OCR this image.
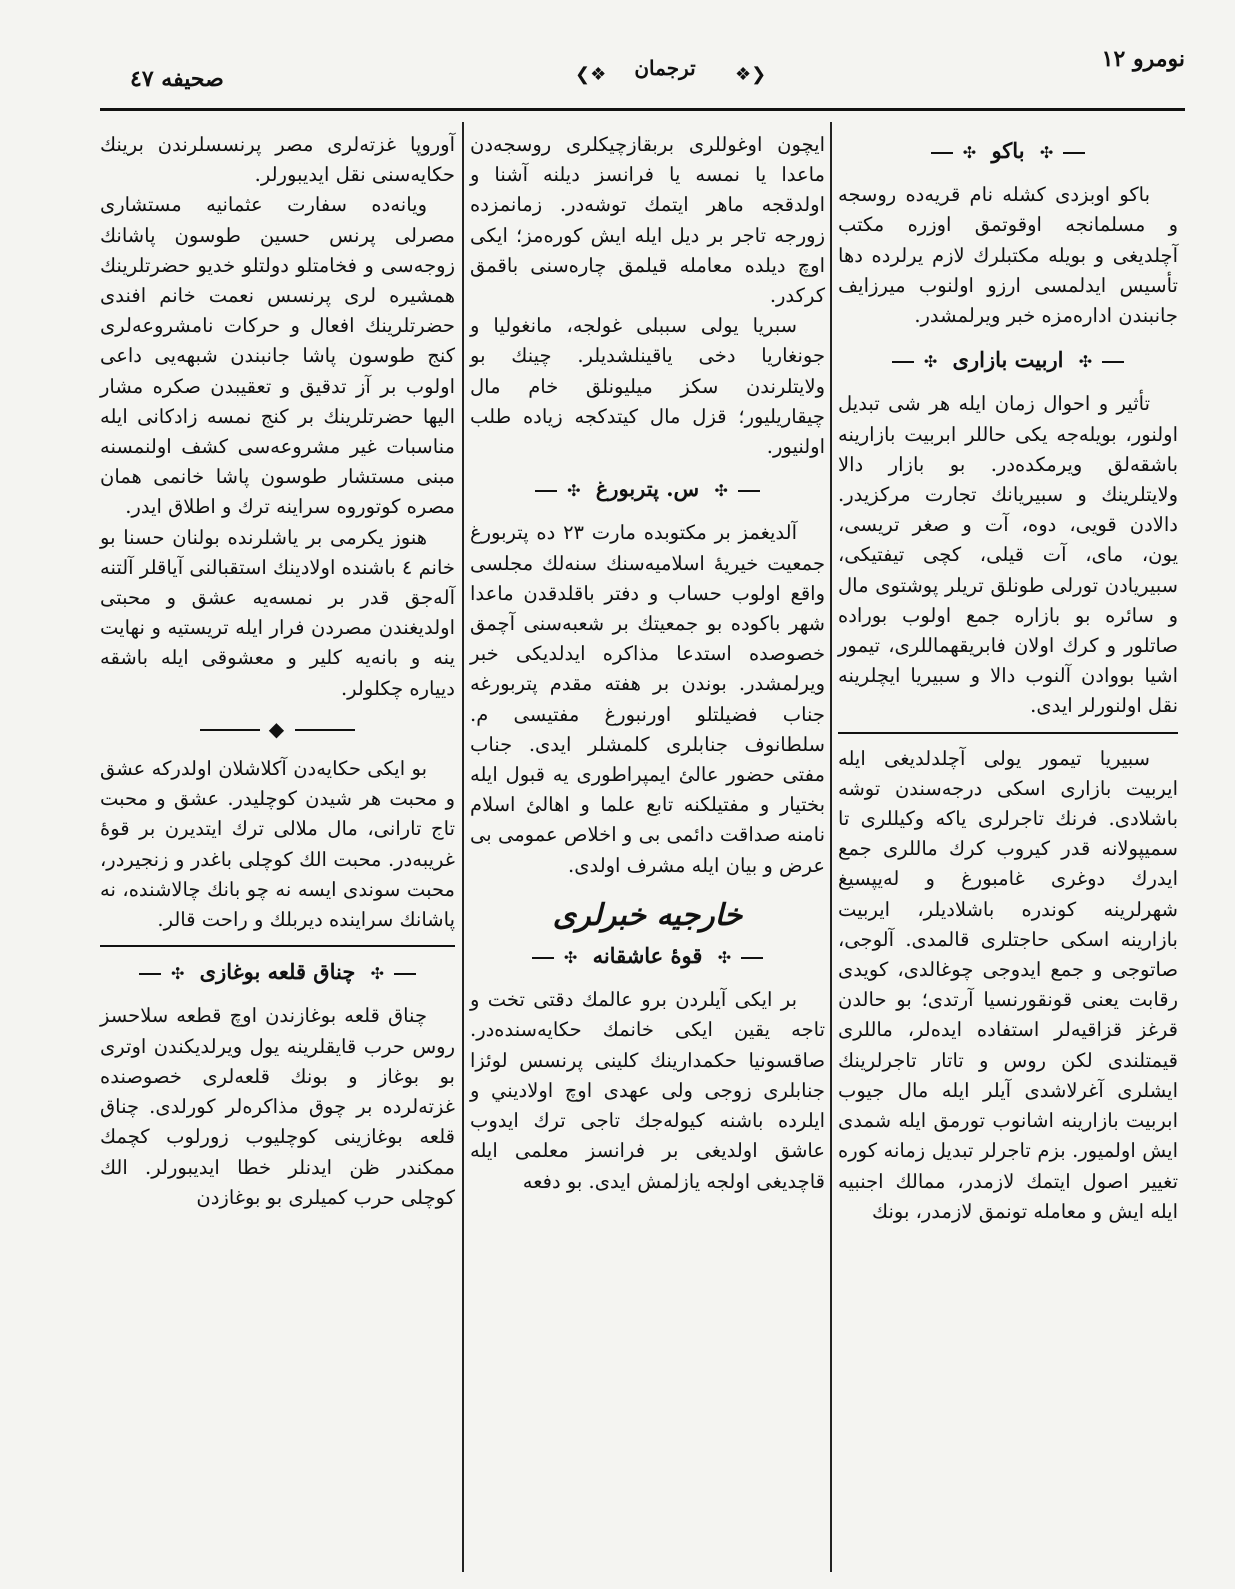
صحيفه ٤٧	❮❖	ترجمان	❖❯
نومرو ١٢
✣ باكو ✣

باكو اوبزدى كشله نام قريه‌ده روسجه و مسلمانجه اوقوتمق اوزره مكتب آچلديغى و بويله مكتبلرك لازم يرلرده دها تأسيس ايدلمسى ارزو اولنوب ميرزايف جانبندن اداره‌مزه خبر ويرلمشدر.

✣ اربيت بازارى ✣

تأثير و احوال زمان ايله هر شى تبديل اولنور، بويله‌جه يكى حاللر ابربيت بازارينه باشقه‌لق ويرمكده‌در. بو بازار دالا ولايتلرينك و سبيريانك تجارت مركزيدر. دالادن قويى، دوه، آت و صغر تريسى، يون، ماى، آت قيلى، كچى تيفتيكى، سبيريادن تورلى طونلق تريلر پوشتوى مال و سائره بو بازاره جمع اولوب بورادە صاتلور و كرك اولان فابريقهماللرى، تيمور اشيا بووادن آلنوب دالا و سبيريا ايچلرينه نقل اولنورلر ايدى.

سبيريا تيمور يولى آچلدلديغى ايله ايربيت بازارى اسكى درجه‌سندن توشه باشلادى. فرنك تاجرلرى ياكه وكيللرى تا سميپولانه قدر كيروب كرك ماللرى جمع ايدرك دوغرى غامبورغ و لەيپسيغ شهرلرينه كوندره باشلاديلر، ايربيت بازارينه اسكى حاجتلرى قالمدى. آلوجى، صاتوجى و جمع ايدوجى چوغالدى، كويدى رقابت يعنى قونقورنسيا آرتدى؛ بو حالدن قرغز قزاقيه‌لر استفاده ايدەلر، ماللرى قيمتلندى لكن روس و تاتار تاجرلرينك ايشلرى آغرلاشدى آيلر ايله مال جيوب ابربيت بازارينه اشانوب تورمق ايله شمدى ايش اولميور. بزم تاجرلر تبديل زمانه كوره تغيير اصول ايتمك لازمدر، ممالك اجنبيه ايله ايش و معامله تونمق لازمدر، بونك

ايچون اوغوللرى بربقازچيكلرى روسجه‌دن ماعدا يا نمسه يا فرانسز ديلنه آشنا و اولدقجه ماهر ايتمك توشه‌در. زمانمزده زورجه تاجر بر ديل ايله ايش كوره‌مز؛ ايكى اوچ ديلده معامله قيلمق چاره‌سنى باقمق كركدر.

سبريا يولى سببلى غولجه، مانغوليا و جونغاريا دخى ياقينلشديلر. چينك بو ولايتلرندن سكز ميليونلق خام مال چيقاريليور؛ قزل مال كيتدكجه زياده طلب اولنيور.

✣ س. پتربورغ ✣

آلديغمز بر مكتوبده مارت ٢٣ ده پتربورغ جمعيت خيريهٔ اسلاميه‌سنك سنه‌لك مجلسى واقع اولوب حساب و دفتر باقلدقدن ماعدا شهر باكوده بو جمعيتك بر شعبه‌سنى آچمق خصوصده استدعا مذاكره ايدلديكى خبر ويرلمشدر. بوندن بر هفته مقدم پتربورغه جناب فضيلتلو اورنبورغ مفتيسى م. سلطانوف جنابلرى كلمشلر ايدى. جناب مفتى حضور عالئ ايمپراطورى يه قبول ايله بختيار و مفتيلكنه تابع علما و اهالئ اسلام نامنه صداقت دائمى بى و اخلاص عمومى بى عرض و بيان ايله مشرف اولدى.

خارجيه خبرلرى
✣ قوهٔ عاشقانه ✣

بر ايكى آيلردن برو عالمك دقتى تخت و تاجه يقين ايكى خانمك حكايه‌سنده‌در. صاقسونيا حكمدارينك كلينى پرنسس لوئزا جنابلرى زوجى ولى عهدى اوچ اولاديني و ايلرده باشنه كيوله‌جك تاجى ترك ايدوب عاشق اولديغى بر فرانسز معلمى ايله قاچديغى اولجه يازلمش ايدى. بو دفعه

آوروپا غزته‌لرى مصر پرنسسلرندن برينك حكايه‌سنى نقل ايديبورلر.

ويانه‌ده سفارت عثمانيه مستشارى مصرلى پرنس حسين طوسون پاشانك زوجه‌سى و فخامتلو دولتلو خديو حضرتلرينك همشيره لرى پرنسس نعمت خانم افندى حضرتلرينك افعال و حركات نامشروعه‌لرى كنج طوسون پاشا جانبندن شبهه‌يى داعى اولوب بر آز تدقيق و تعقيبدن صكره مشار اليها حضرتلرينك بر كنج نمسه زادكانى ايله مناسبات غير مشروعه‌سى كشف اولنمسنه مبنى مستشار طوسون پاشا خانمى همان مصره كوتوروه سراينه ترك و اطلاق ايدر.

هنوز يكرمى بر ياشلرنده بولنان حسنا بو خانم ٤ باشنده اولادينك استقبالنى آياقلر آلتنه آله‌جق قدر بر نمسه‌يه عشق و محبتى اولديغندن مصردن فرار ايله تريستيه و نهايت ينه و بانه‌يه كلير و معشوقى ايله باشقه ديياره چكلولر.

◆

بو ايكى حكايه‌دن آكلاشلان اولدركه عشق و محبت هر شيدن كوچليدر. عشق و محبت تاج تارانى، مال ملالى ترك ايتديرن بر قوهٔ غريبه‌در. محبت الك كوچلى باغدر و زنجيردر، محبت سوندى ايسه نه چو بانك چالاشنده، نه پاشانك سراينده ديربلك و راحت قالر.

✣ چناق قلعه بوغازى ✣

چناق قلعه بوغازندن اوچ قطعه سلاحسز روس حرب قايقلرينه يول ويرلديكندن اوترى بو بوغاز و بونك قلعه‌لرى خصوصنده غزته‌لرده بر چوق مذاكره‌لر كورلدى. چناق قلعه بوغازينى كوچليوب زورلوب كچمك ممكندر ظن ايدنلر خطا ايديبورلر. الك كوچلى حرب كميلرى بو بوغازدن
